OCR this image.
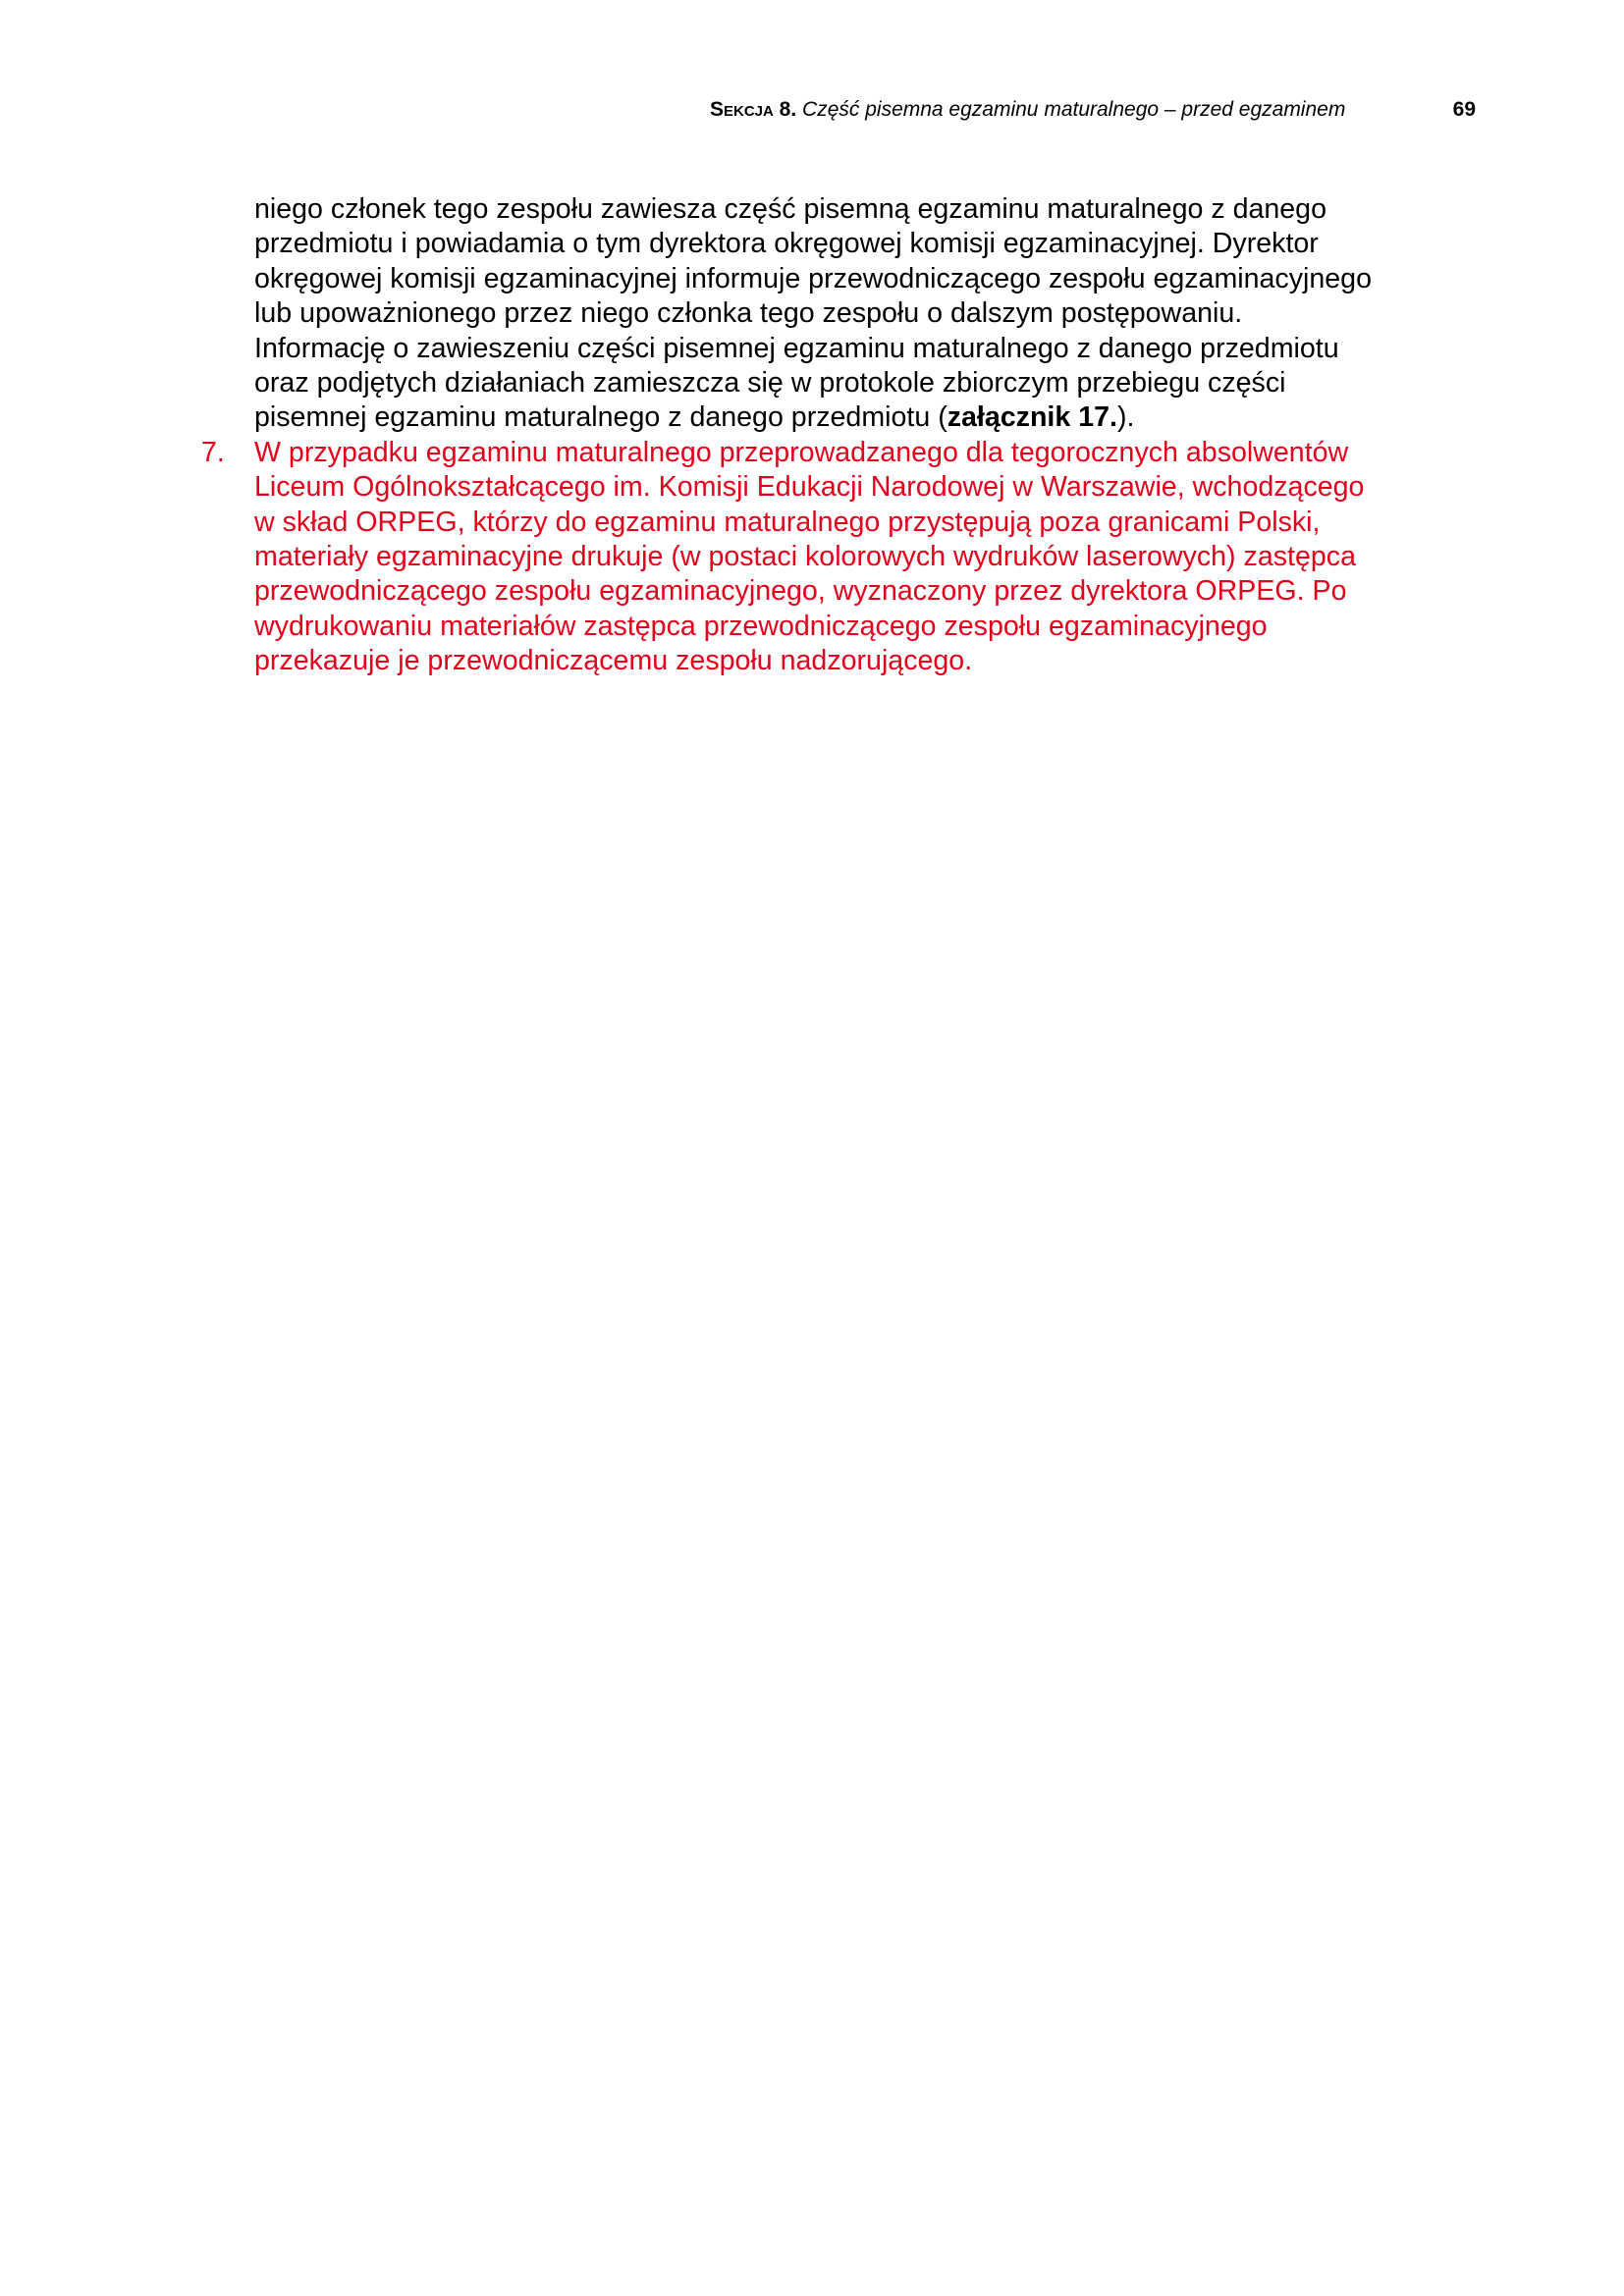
Sekcja 8. Część pisemna egzaminu maturalnego – przed egzaminem	69
niego członek tego zespołu zawiesza część pisemną egzaminu maturalnego z danego
przedmiotu i powiadamia o tym dyrektora okręgowej komisji egzaminacyjnej. Dyrektor
okręgowej komisji egzaminacyjnej informuje przewodniczącego zespołu egzaminacyjnego
lub upoważnionego przez niego członka tego zespołu o dalszym postępowaniu.
Informację o zawieszeniu części pisemnej egzaminu maturalnego z danego przedmiotu
oraz podjętych działaniach zamieszcza się w protokole zbiorczym przebiegu części
pisemnej egzaminu maturalnego z danego przedmiotu (załącznik 17.).
7. W przypadku egzaminu maturalnego przeprowadzanego dla tegorocznych absolwentów
Liceum Ogólnokształcącego im. Komisji Edukacji Narodowej w Warszawie, wchodzącego
w skład ORPEG, którzy do egzaminu maturalnego przystępują poza granicami Polski,
materiały egzaminacyjne drukuje (w postaci kolorowych wydruków laserowych) zastępca
przewodniczącego zespołu egzaminacyjnego, wyznaczony przez dyrektora ORPEG. Po
wydrukowaniu materiałów zastępca przewodniczącego zespołu egzaminacyjnego
przekazuje je przewodniczącemu zespołu nadzorującego.
